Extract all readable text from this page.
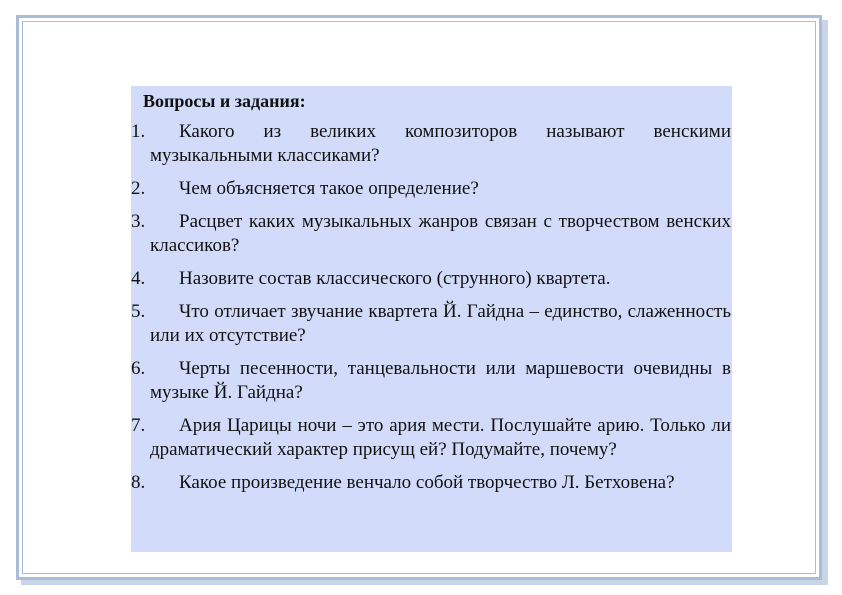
Вопросы и задания:
1.	Какого из великих композиторов называют венскими музыкальными классиками?
2.	Чем объясняется такое определение?
3.	Расцвет каких музыкальных жанров связан с творчеством венских классиков?
4.	Назовите состав классического (струнного) квартета.
5.	Что отличает звучание квартета Й. Гайдна – единство, слаженность или их отсутствие?
6.	Черты песенности, танцевальности или маршевости очевидны в музыке Й. Гайдна?
7.	Ария Царицы ночи – это ария мести. Послушайте арию. Только ли драматический характер присущ ей? Подумайте, почему?
8.	Какое произведение венчало собой творчество Л. Бетховена?
